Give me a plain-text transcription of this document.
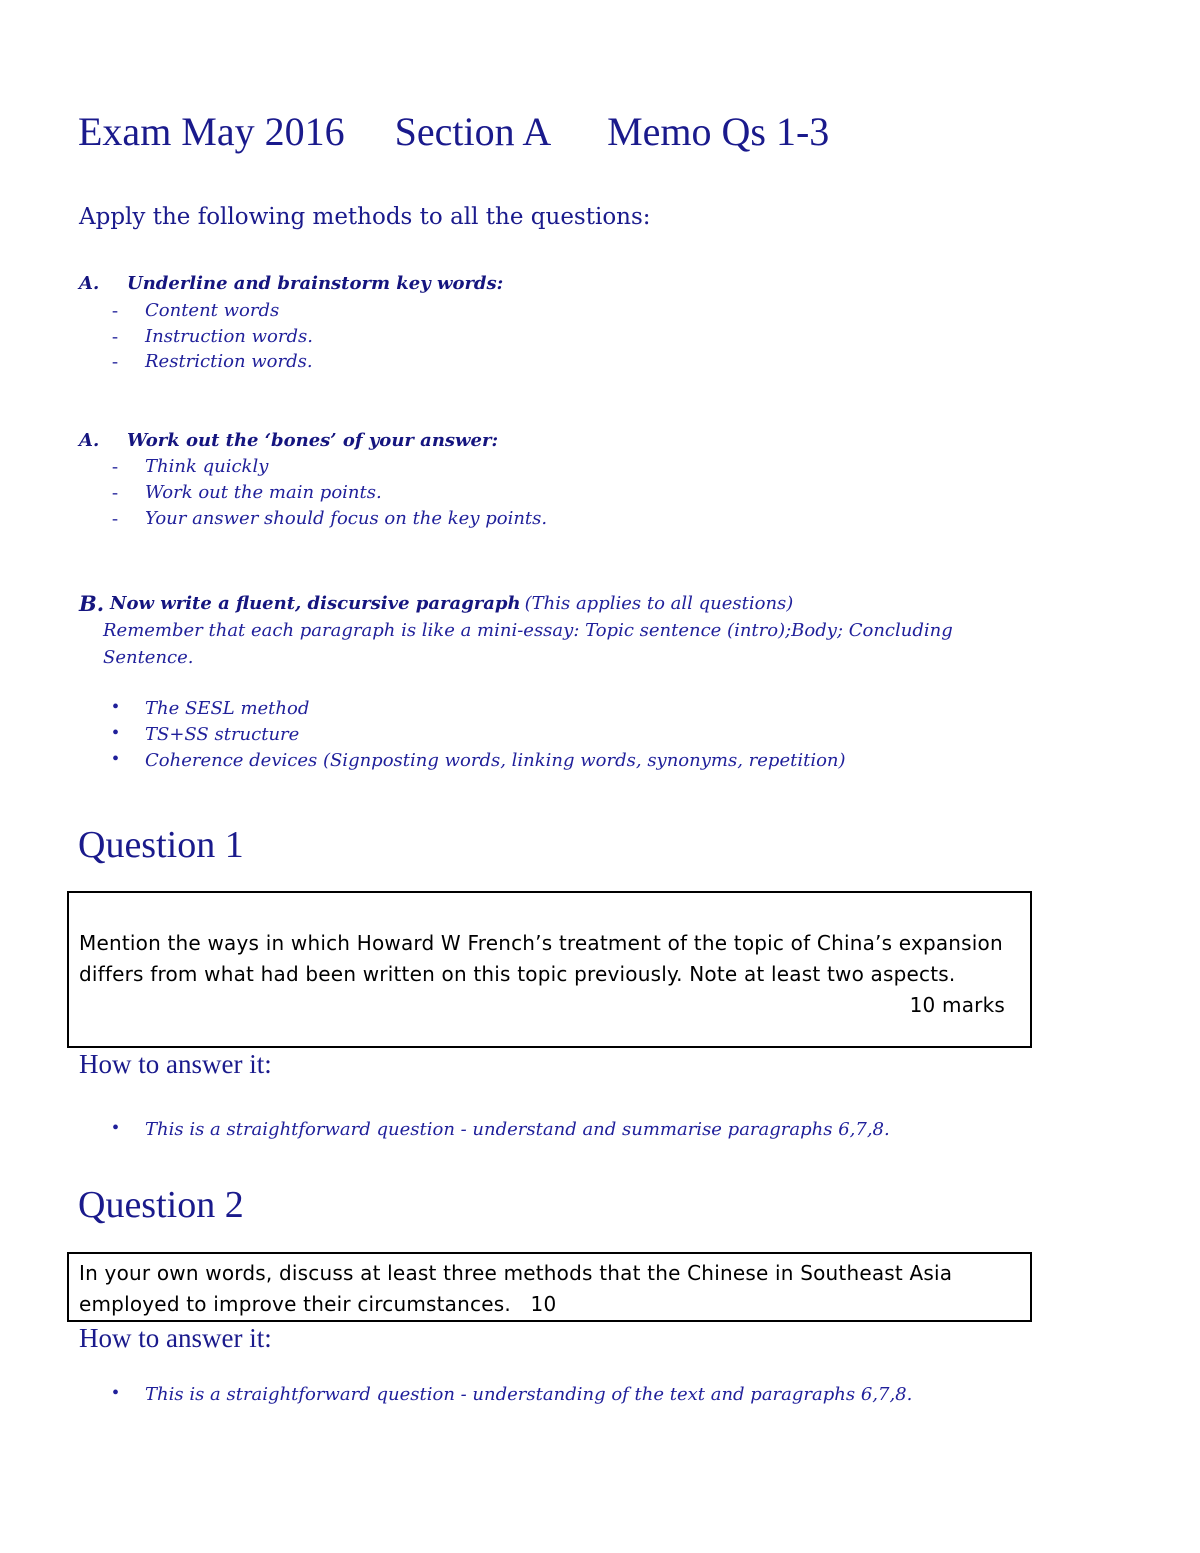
Exam May 2016 Section A Memo Qs 1-3
Apply the following methods to all the questions:
A. Underline and brainstorm key words:
- Content words
- Instruction words.
- Restriction words.
A. Work out the ‘bones’ of your answer:
- Think quickly
- Work out the main points.
- Your answer should focus on the key points.
B. Now write a fluent, discursive paragraph (This applies to all questions)
Remember that each paragraph is like a mini-essay: Topic sentence (intro);Body; Concluding
Sentence.
• The SESL method
• TS+SS structure
• Coherence devices (Signposting words, linking words, synonyms, repetition)
Question 1
Mention the ways in which Howard W French’s treatment of the topic of China’s expansion
differs from what had been written on this topic previously. Note at least two aspects.
10 marks
How to answer it:
• This is a straightforward question - understand and summarise paragraphs 6,7,8.
Question 2
In your own words, discuss at least three methods that the Chinese in Southeast Asia
employed to improve their circumstances.   10
How to answer it:
• This is a straightforward question - understanding of the text and paragraphs 6,7,8.
